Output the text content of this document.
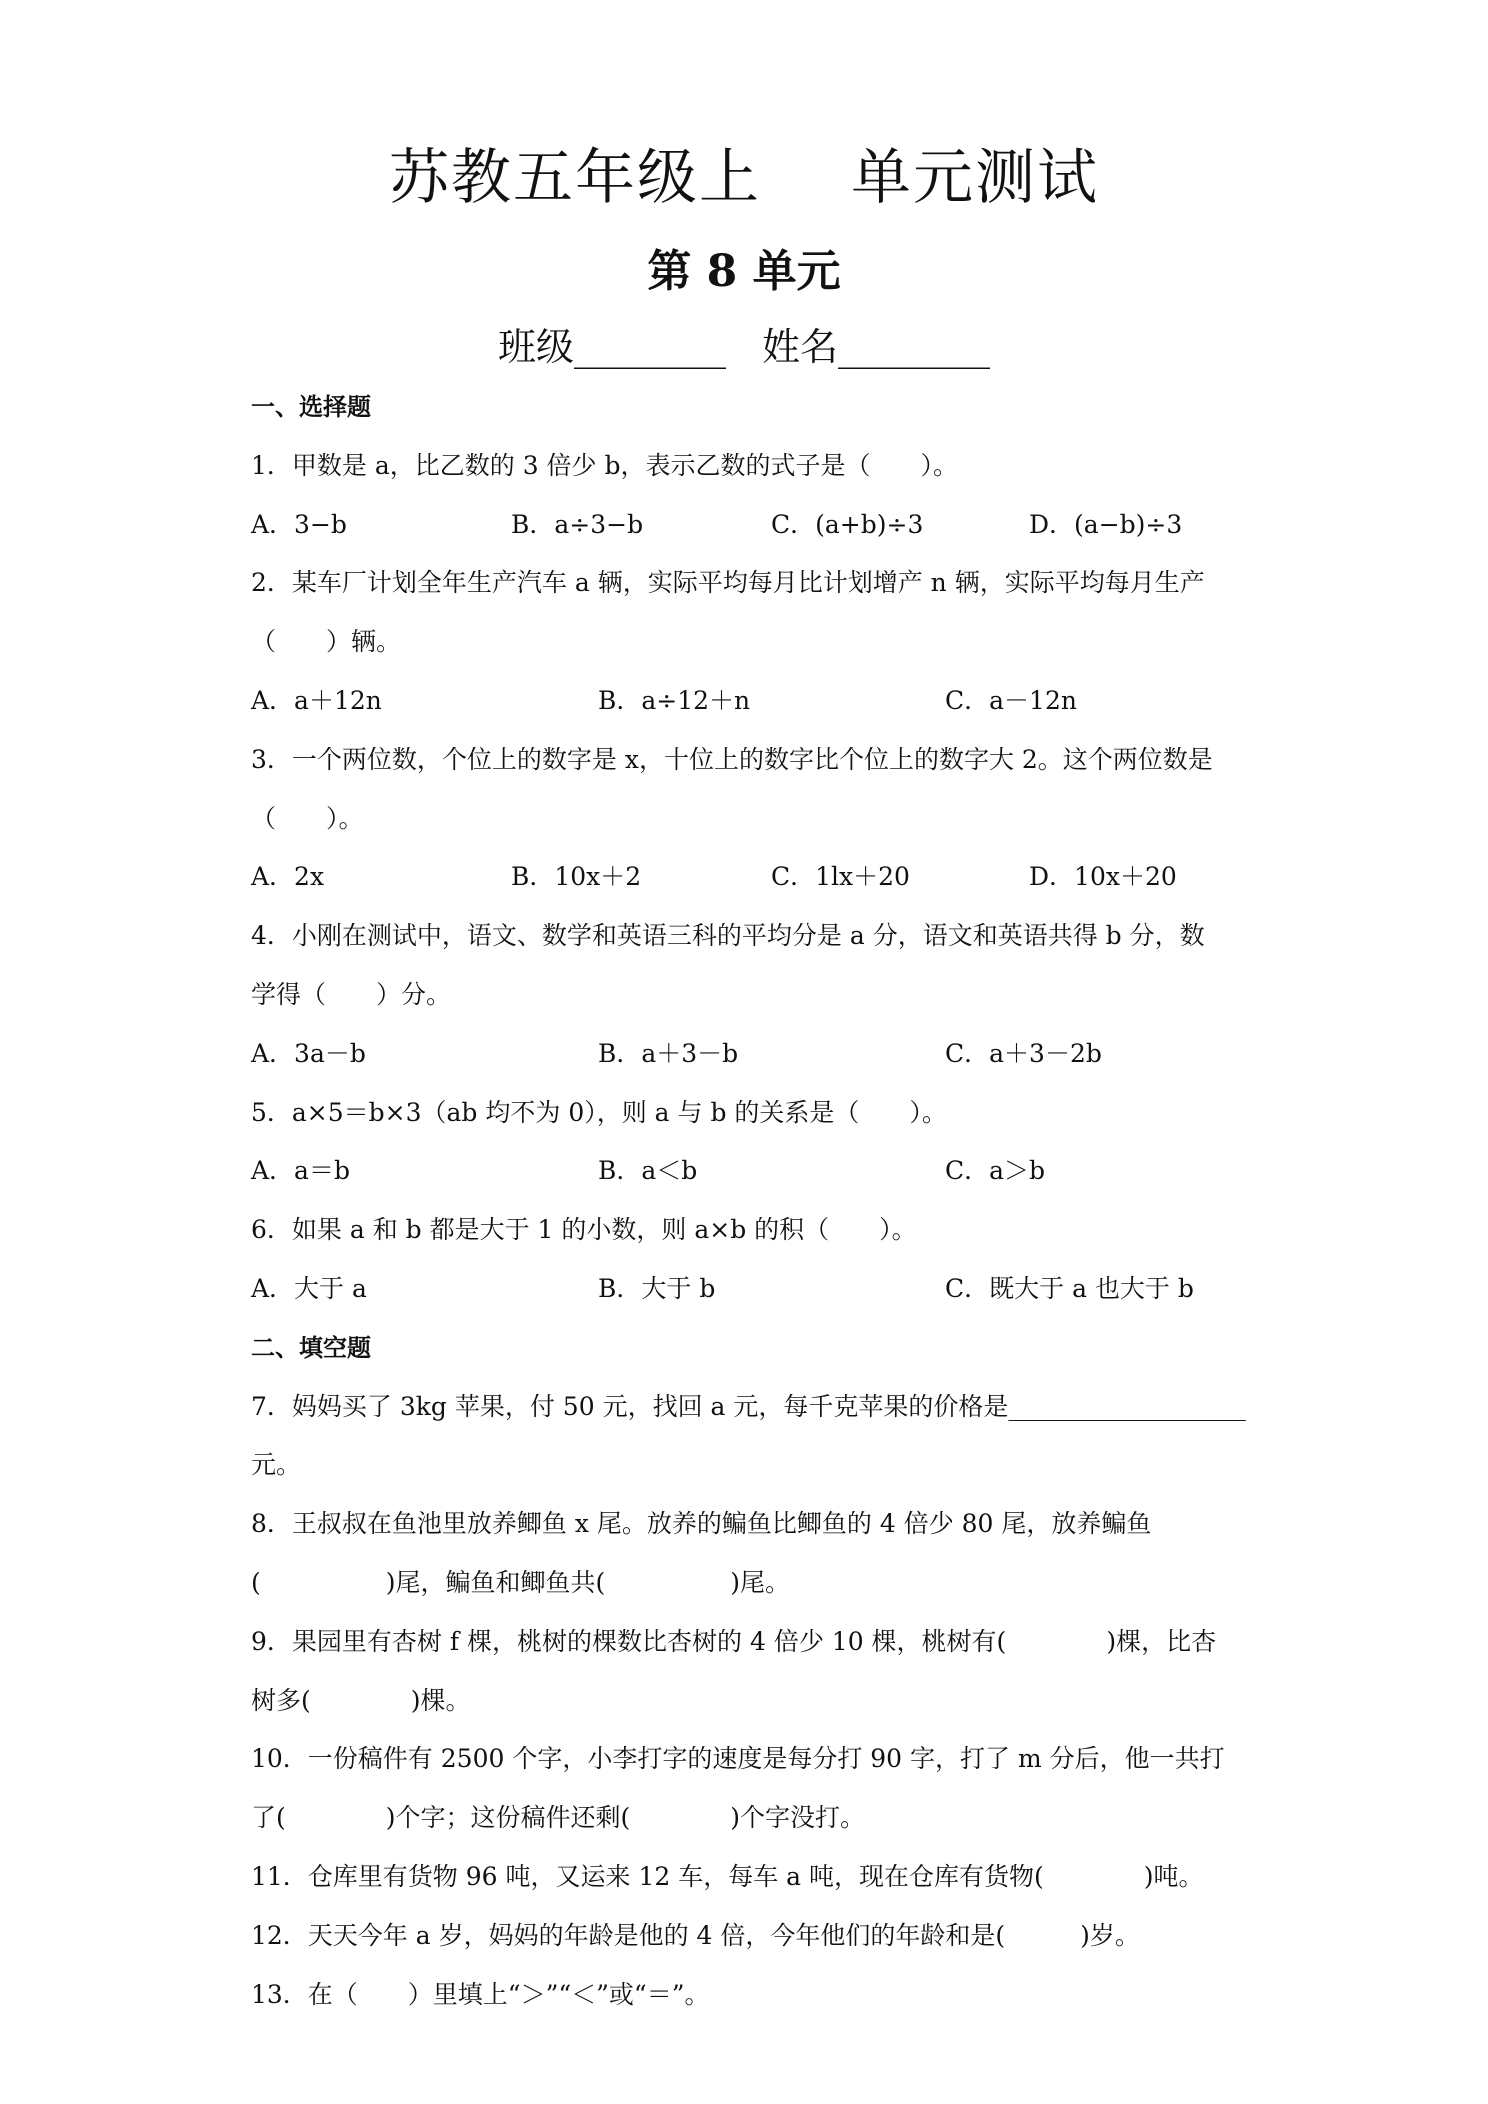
苏教五年级上 单元测试
第 8 单元
班级________ 姓名________
一、选择题
1．甲数是 a，比乙数的 3 倍少 b，表示乙数的式子是（　　）。
A．3−b	B．a÷3−b	C．(a+b)÷3	D．(a−b)÷3
2．某车厂计划全年生产汽车 a 辆，实际平均每月比计划增产 n 辆，实际平均每月生产
（　　）辆。
A．a＋12n	B．a÷12＋n	C．a－12n
3．一个两位数，个位上的数字是 x，十位上的数字比个位上的数字大 2。这个两位数是
（　　）。
A．2x	B．10x＋2	C．1lx＋20	D．10x＋20
4．小刚在测试中，语文、数学和英语三科的平均分是 a 分，语文和英语共得 b 分，数
学得（　　）分。
A．3a－b	B．a＋3－b	C．a＋3－2b
5．a×5＝b×3（ab 均不为 0），则 a 与 b 的关系是（　　）。
A．a＝b	B．a＜b	C．a＞b
6．如果 a 和 b 都是大于 1 的小数，则 a×b 的积（　　）。
A．大于 a	B．大于 b	C．既大于 a 也大于 b
二、填空题
7．妈妈买了 3kg 苹果，付 50 元，找回 a 元，每千克苹果的价格是___________________
元。
8．王叔叔在鱼池里放养鲫鱼 x 尾。放养的鳊鱼比鲫鱼的 4 倍少 80 尾，放养鳊鱼
(　　　　　)尾，鳊鱼和鲫鱼共(　　　　　)尾。
9．果园里有杏树 f 棵，桃树的棵数比杏树的 4 倍少 10 棵，桃树有(　　　　)棵，比杏
树多(　　　　)棵。
10．一份稿件有 2500 个字，小李打字的速度是每分打 90 字，打了 m 分后，他一共打
了(　　　　)个字；这份稿件还剩(　　　　)个字没打。
11．仓库里有货物 96 吨，又运来 12 车，每车 a 吨，现在仓库有货物(　　　　)吨。
12．天天今年 a 岁，妈妈的年龄是他的 4 倍，今年他们的年龄和是(　　　)岁。
13．在（　　）里填上“＞”“＜”或“＝”。
